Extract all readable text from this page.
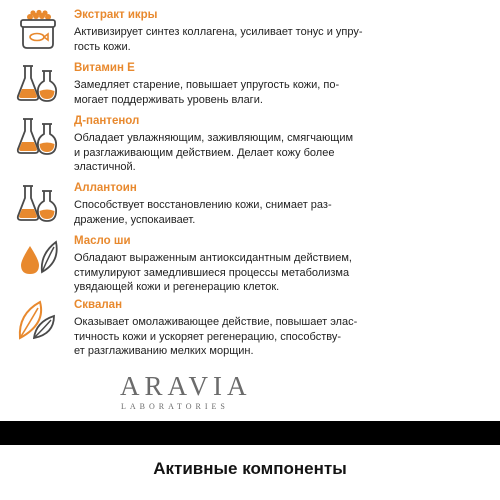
Экстракт икры
Активизирует синтез коллагена, усиливает тонус и упру-
гость кожи.
Витамин Е
Замедляет старение, повышает упругость кожи, по-
могает поддерживать уровень влаги.
Д-пантенол
Обладает увлажняющим, заживляющим, смягчающим
и разглаживающим действием. Делает кожу более
эластичной.
Аллантоин
Способствует восстановлению кожи, снимает раз-
дражение, успокаивает.
Масло ши
Обладают выраженным антиоксидантным действием,
стимулируют замедлившиеся процессы метаболизма
увядающей кожи и регенерацию клеток.
Сквалан
Оказывает омолаживающее действие, повышает элас-
тичность кожи и ускоряет регенерацию, способству-
ет разглаживанию мелких морщин.
ARAVIA
LABORATORIES
Активные компоненты
